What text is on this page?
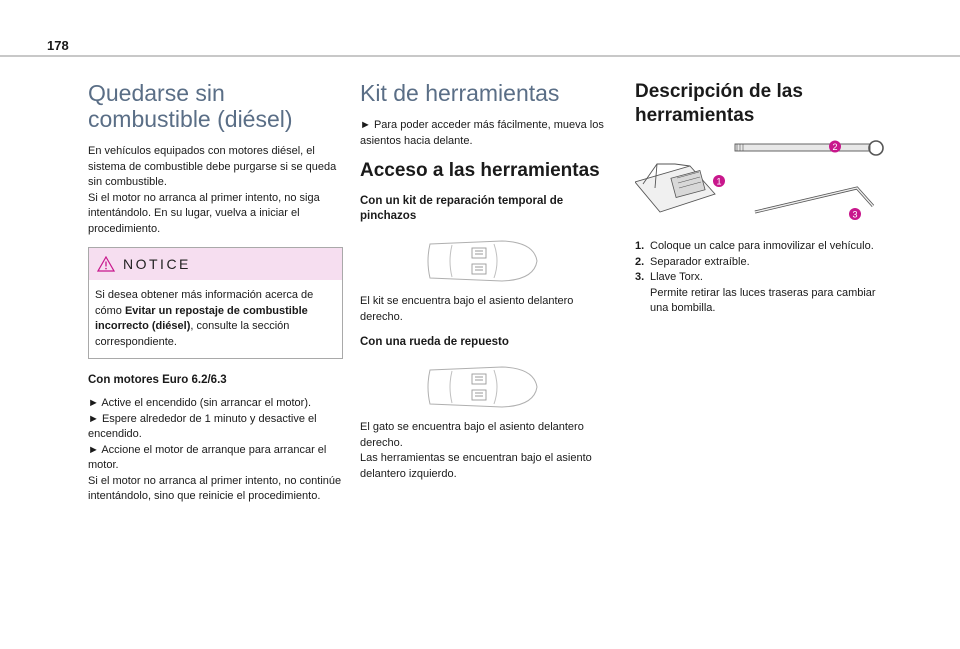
178
Quedarse sin combustible (diésel)

En vehículos equipados con motores diésel, el sistema de combustible debe purgarse si se queda sin combustible.

Si el motor no arranca al primer intento, no siga intentándolo. En su lugar, vuelva a iniciar el procedimiento.

NOTICE
Si desea obtener más información acerca de cómo Evitar un repostaje de combustible incorrecto (diésel), consulte la sección correspondiente.
Con motores Euro 6.2/6.3

► Active el encendido (sin arrancar el motor).

► Espere alrededor de 1 minuto y desactive el encendido.

► Accione el motor de arranque para arrancar el motor.

Si el motor no arranca al primer intento, no continúe intentándolo, sino que reinicie el procedimiento.

Kit de herramientas

► Para poder acceder más fácilmente, mueva los asientos hacia delante.

Acceso a las herramientas
Con un kit de reparación temporal de pinchazos

El kit se encuentra bajo el asiento delantero derecho.

Con una rueda de repuesto

El gato se encuentra bajo el asiento delantero derecho.

Las herramientas se encuentran bajo el asiento delantero izquierdo.

Descripción de las herramientas
1
2
3
1. Coloque un calce para inmovilizar el vehículo.
2. Separador extraíble.
3. Llave Torx.
Permite retirar las luces traseras para cambiar una bombilla.
